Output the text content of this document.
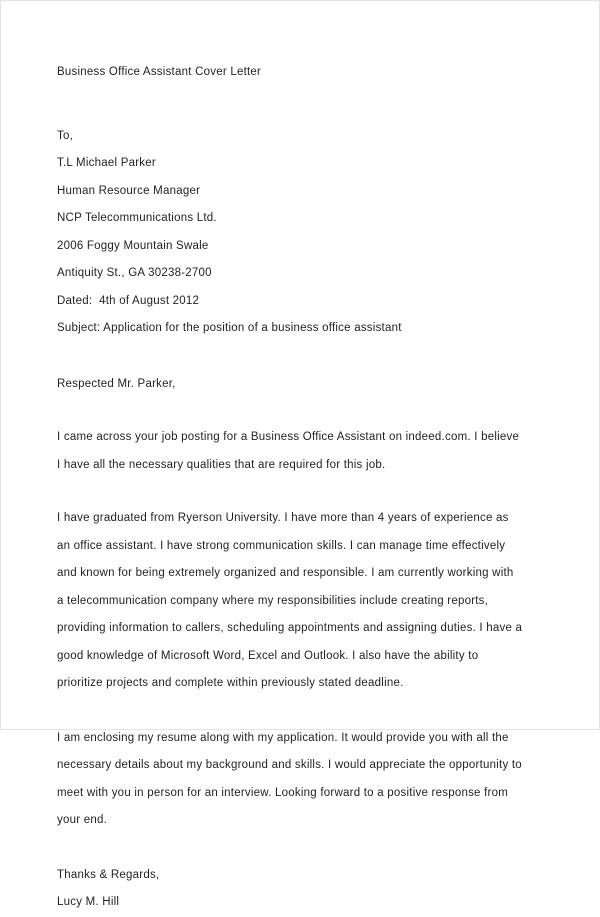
Business Office Assistant Cover Letter
To,
T.L Michael Parker
Human Resource Manager
NCP Telecommunications Ltd.
2006 Foggy Mountain Swale
Antiquity St., GA 30238-2700
Dated:  4th of August 2012
Subject: Application for the position of a business office assistant
Respected Mr. Parker,

I came across your job posting for a Business Office Assistant on indeed.com. I believe I have all the necessary qualities that are required for this job.

I have graduated from Ryerson University. I have more than 4 years of experience as an office assistant. I have strong communication skills. I can manage time effectively and known for being extremely organized and responsible. I am currently working with a telecommunication company where my responsibilities include creating reports, providing information to callers, scheduling appointments and assigning duties. I have a good knowledge of Microsoft Word, Excel and Outlook. I also have the ability to prioritize projects and complete within previously stated deadline.

I am enclosing my resume along with my application. It would provide you with all the necessary details about my background and skills. I would appreciate the opportunity to meet with you in person for an interview. Looking forward to a positive response from your end.

Thanks & Regards,
Lucy M. Hill
